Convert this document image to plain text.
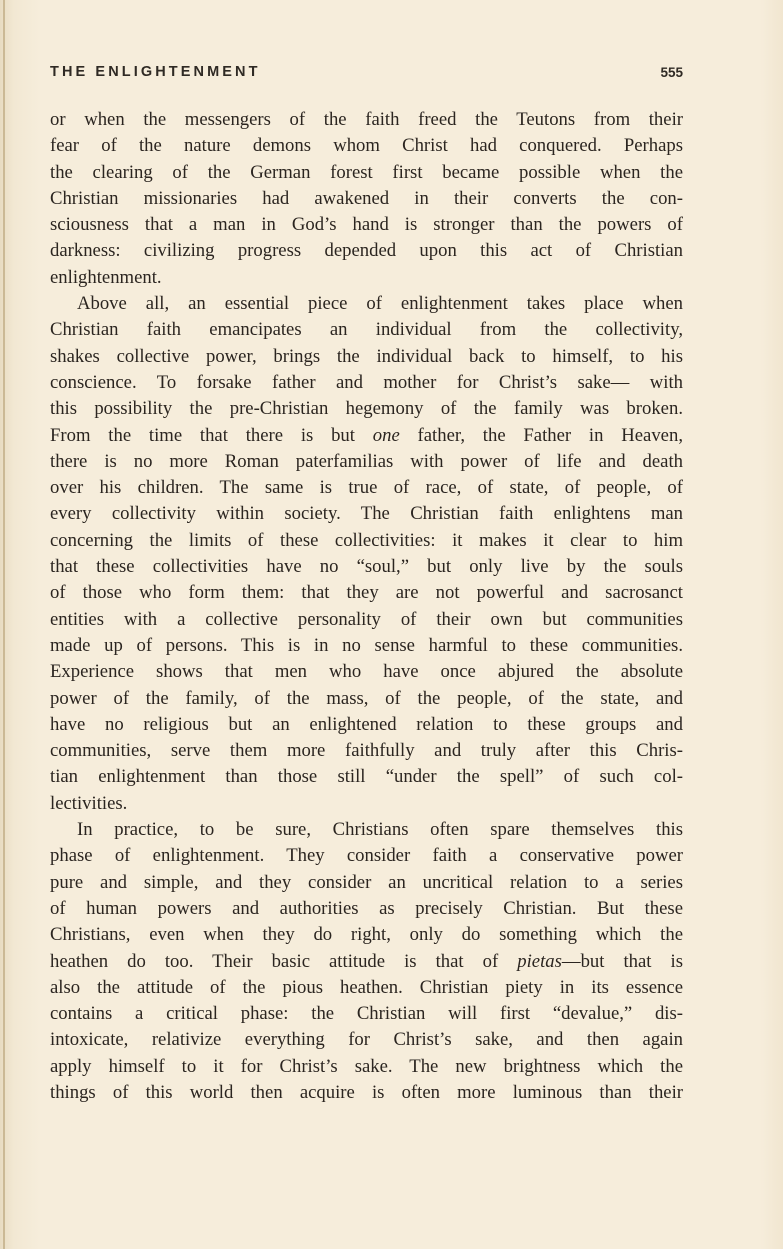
THE ENLIGHTENMENT	555
or when the messengers of the faith freed the Teutons from their
fear of the nature demons whom Christ had conquered. Perhaps
the clearing of the German forest first became possible when the
Christian missionaries had awakened in their converts the con-
sciousness that a man in God’s hand is stronger than the powers of
darkness: civilizing progress depended upon this act of Christian
enlightenment.
Above all, an essential piece of enlightenment takes place when
Christian faith emancipates an individual from the collectivity,
shakes collective power, brings the individual back to himself, to his
conscience. To forsake father and mother for Christ’s sake— with
this possibility the pre-Christian hegemony of the family was broken.
From the time that there is but one father, the Father in Heaven,
there is no more Roman paterfamilias with power of life and death
over his children. The same is true of race, of state, of people, of
every collectivity within society. The Christian faith enlightens man
concerning the limits of these collectivities: it makes it clear to him
that these collectivities have no “soul,” but only live by the souls
of those who form them: that they are not powerful and sacrosanct
entities with a collective personality of their own but communities
made up of persons. This is in no sense harmful to these communities.
Experience shows that men who have once abjured the absolute
power of the family, of the mass, of the people, of the state, and
have no religious but an enlightened relation to these groups and
communities, serve them more faithfully and truly after this Chris-
tian enlightenment than those still “under the spell” of such col-
lectivities.
In practice, to be sure, Christians often spare themselves this
phase of enlightenment. They consider faith a conservative power
pure and simple, and they consider an uncritical relation to a series
of human powers and authorities as precisely Christian. But these
Christians, even when they do right, only do something which the
heathen do too. Their basic attitude is that of pietas—but that is
also the attitude of the pious heathen. Christian piety in its essence
contains a critical phase: the Christian will first “devalue,” dis-
intoxicate, relativize everything for Christ’s sake, and then again
apply himself to it for Christ’s sake. The new brightness which the
things of this world then acquire is often more luminous than their
